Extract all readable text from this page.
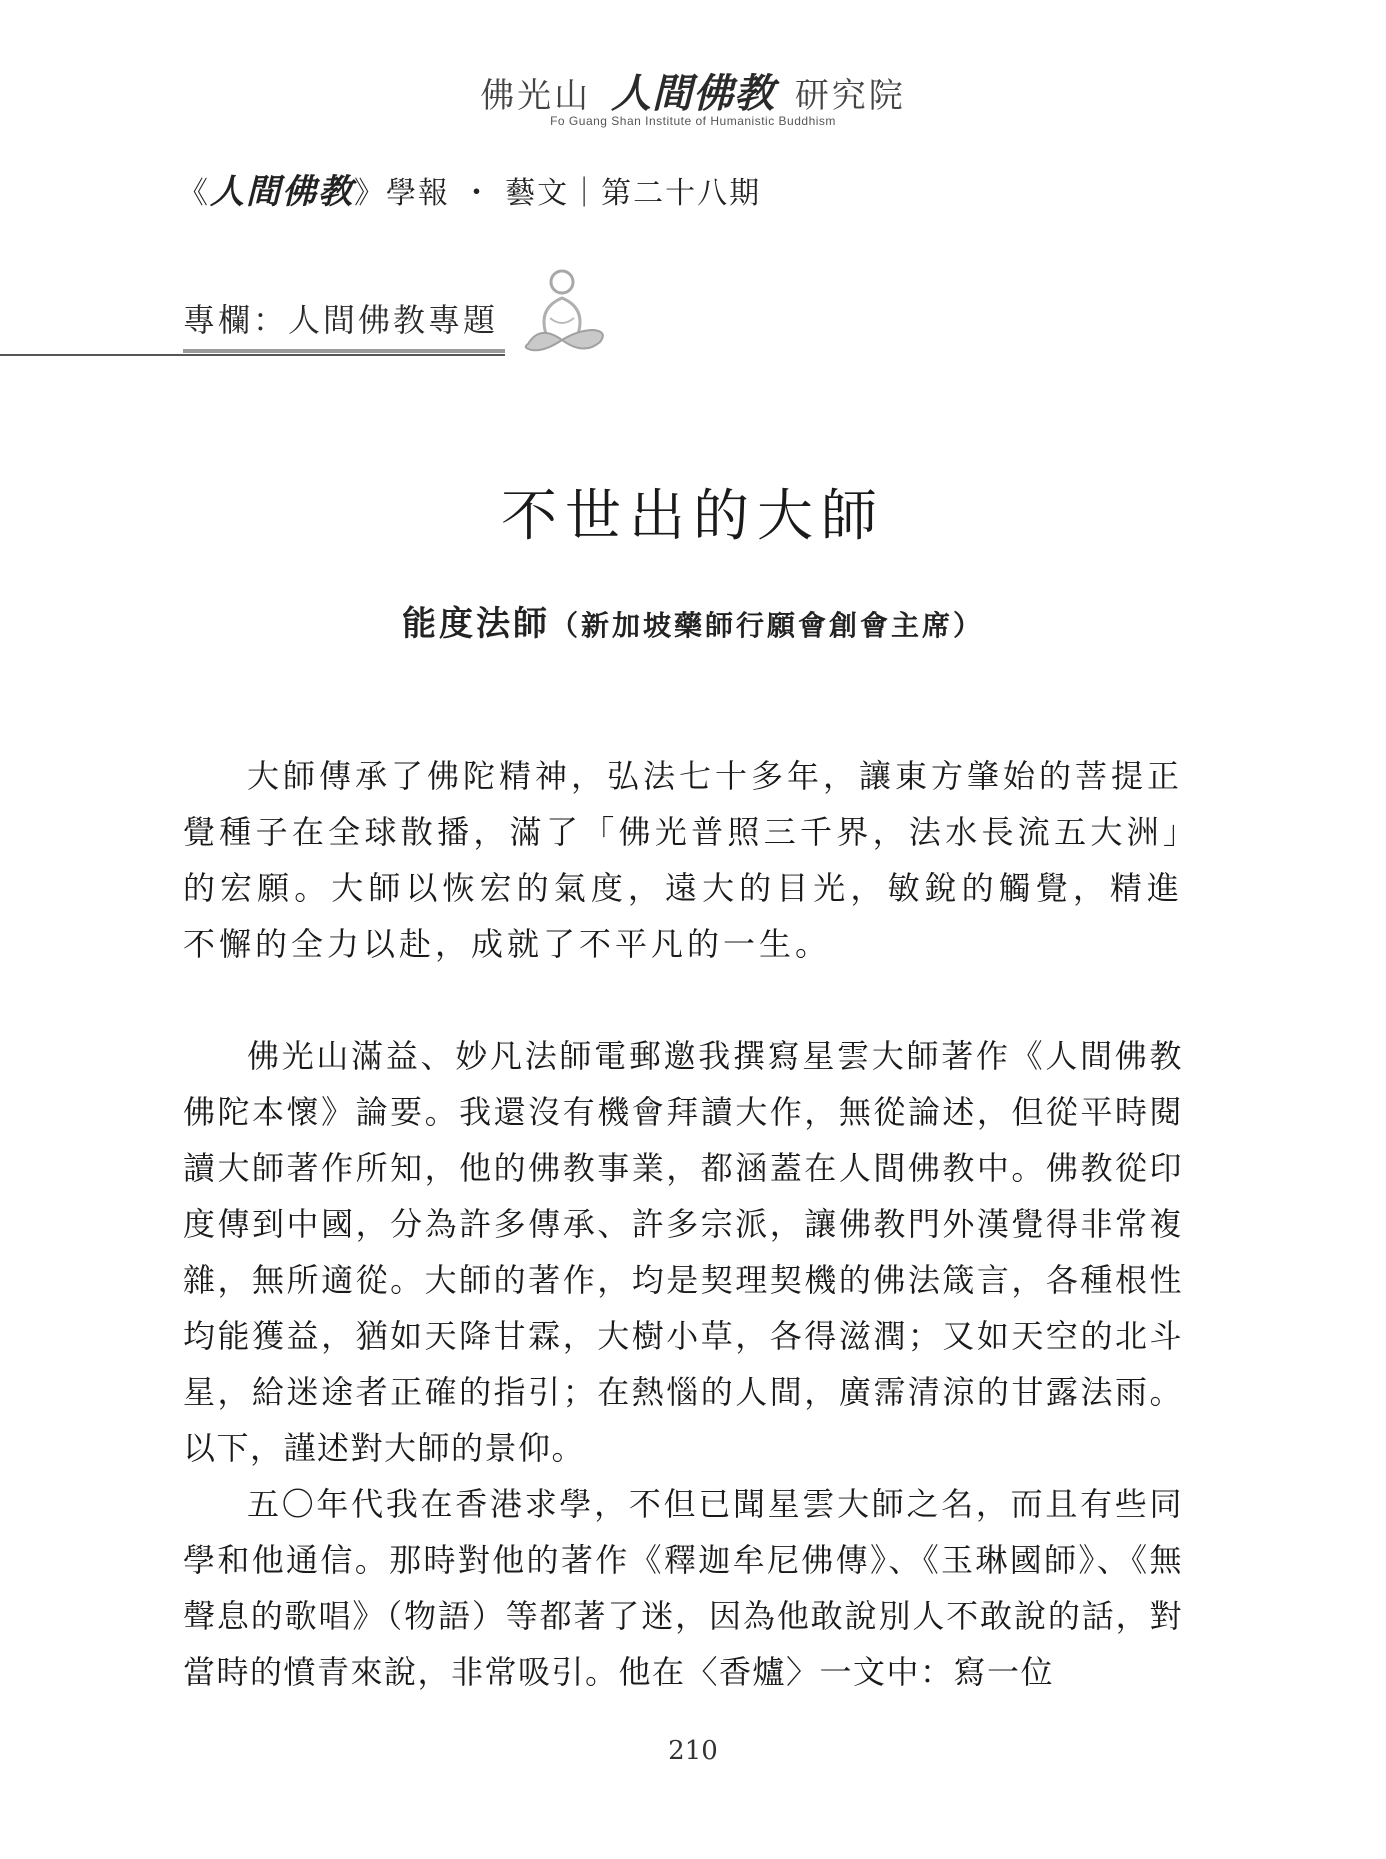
佛光山 人間佛教 研究院
Fo Guang Shan Institute of Humanistic Buddhism
《人間佛教》學報 ・ 藝文｜第二十八期
專欄：人間佛教專題
不世出的大師
能度法師（新加坡藥師行願會創會主席）

大師傳承了佛陀精神，弘法七十多年，讓東方肇始的菩提正覺種子在全球散播，滿了「佛光普照三千界，法水長流五大洲」的宏願。大師以恢宏的氣度，遠大的目光，敏銳的觸覺，精進不懈的全力以赴，成就了不平凡的一生。

佛光山滿益、妙凡法師電郵邀我撰寫星雲大師著作《人間佛教佛陀本懷》論要。我還沒有機會拜讀大作，無從論述，但從平時閱讀大師著作所知，他的佛教事業，都涵蓋在人間佛教中。佛教從印度傳到中國，分為許多傳承、許多宗派，讓佛教門外漢覺得非常複雜，無所適從。大師的著作，均是契理契機的佛法箴言，各種根性均能獲益，猶如天降甘霖，大樹小草，各得滋潤；又如天空的北斗星，給迷途者正確的指引；在熱惱的人間，廣霈清涼的甘露法雨。以下，謹述對大師的景仰。

五〇年代我在香港求學，不但已聞星雲大師之名，而且有些同學和他通信。那時對他的著作《釋迦牟尼佛傳》、《玉琳國師》、《無聲息的歌唱》（物語）等都著了迷，因為他敢說別人不敢說的話，對當時的憤青來說，非常吸引。他在〈香爐〉一文中：寫一位

210
